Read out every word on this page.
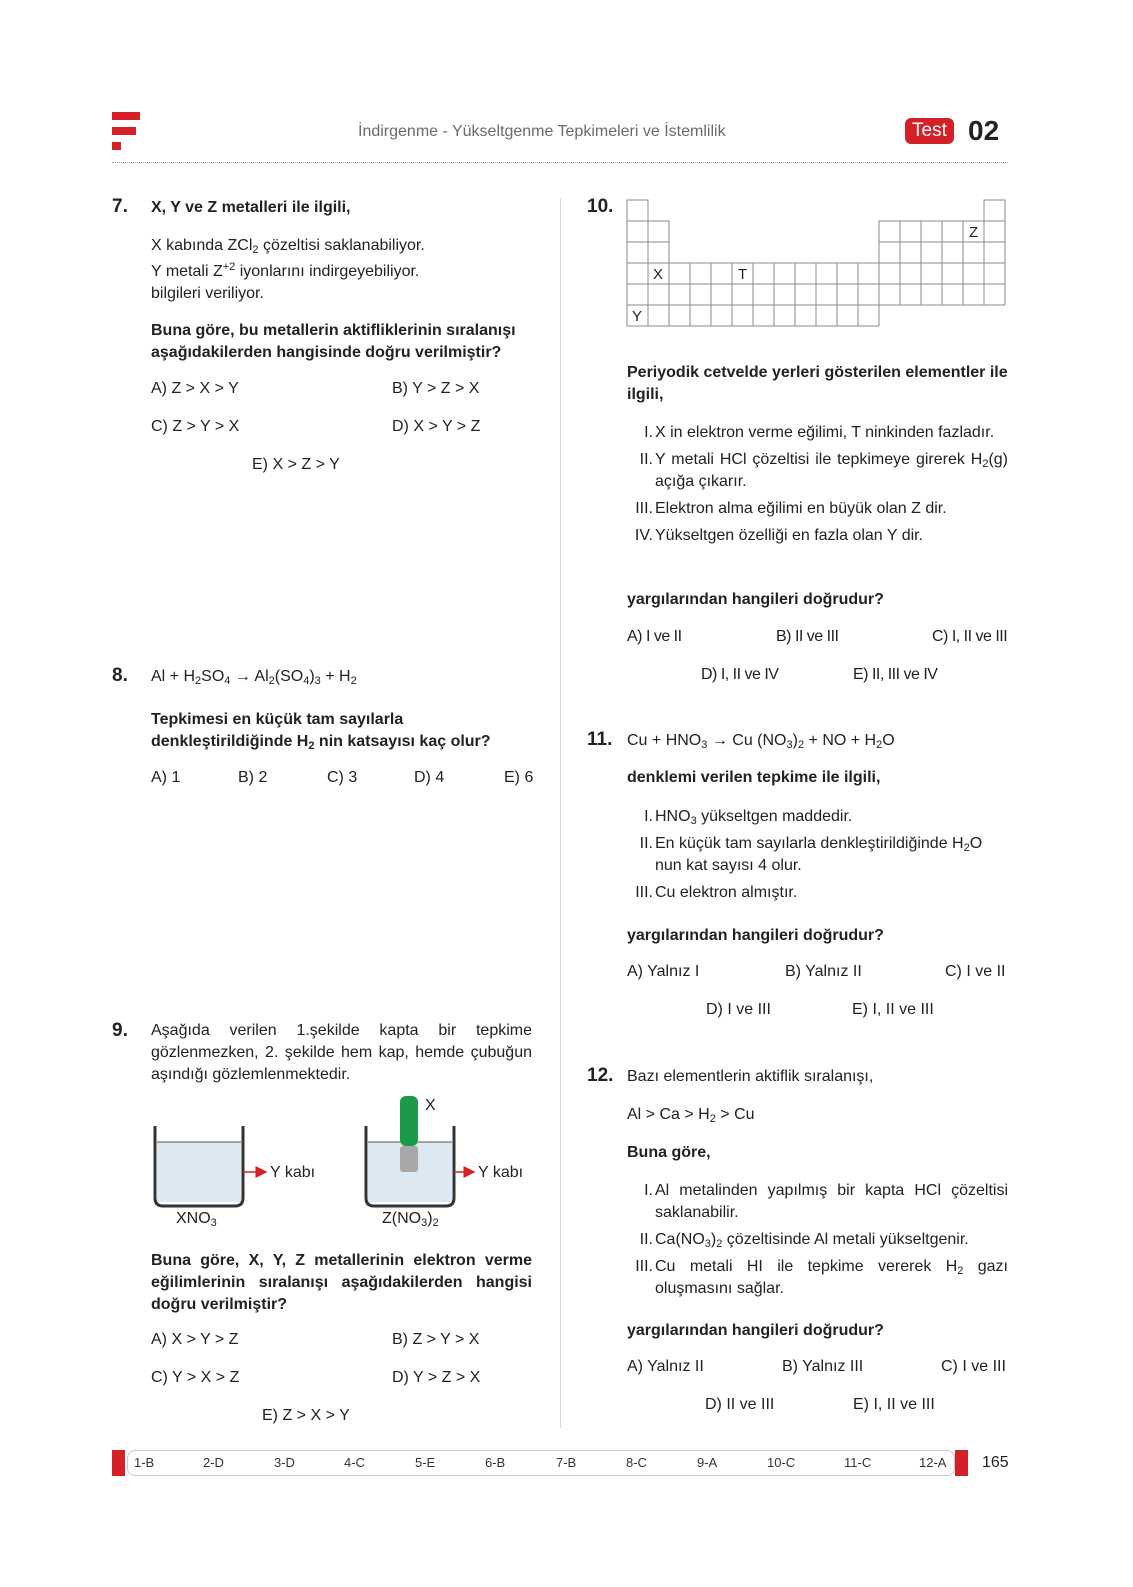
İndirgenme - Yükseltgenme Tepkimeleri ve İstemlilik	Test 02
7. X, Y ve Z metalleri ile ilgili,
X kabında ZCl$_2$ çözeltisi saklanabiliyor.
Y metali $Z^{+2}$ iyonlarını indirgeyebiliyor.
bilgileri veriliyor.
Buna göre, bu metallerin aktifliklerinin sıralanışı aşağıdakilerden hangisinde doğru verilmiştir?
A) Z > X > Y	B) Y > Z > X
C) Z > Y > X	D) X > Y > Z
E) X > Z > Y
8. $Al + H_2SO_4 \to Al_2(SO_4)_3 + H_2$
Tepkimesi en küçük tam sayılarla denkleştirildiğinde $H_2$ nin katsayısı kaç olur?
A) 1	B) 2	C) 3	D) 4	E) 6
9. Aşağıda verilen 1.şekilde kapta bir tepkime gözlenmezken, 2. şekilde hem kap, hemde çubuğun aşındığı gözlemlenmektedir.
X
Y kabı	Y kabı
$XNO_3$	$Z(NO_3)_2$
Buna göre, X, Y, Z metallerinin elektron verme eğilimlerinin sıralanışı aşağıdakilerden hangisi doğru verilmiştir?
A) X > Y > Z	B) Z > Y > X
C) Y > X > Z	D) Y > Z > X
E) Z > X > Y
10.
X	T
Y
Z
Periyodik cetvelde yerleri gösterilen elementler ile ilgili,
I. X in elektron verme eğilimi, T ninkinden fazladır.
II. Y metali HCl çözeltisi ile tepkimeye girerek $H_2(g)$ açığa çıkarır.
III. Elektron alma eğilimi en büyük olan Z dir.
IV. Yükseltgen özelliği en fazla olan Y dir.
yargılarından hangileri doğrudur?
A) I ve II	B) II ve III	C) I, II ve III
D) I, II ve IV	E) II, III ve IV
11. $Cu + HNO_3 \to Cu$ $(NO_3)_2$ + NO + $H_2O$
denklemi verilen tepkime ile ilgili,
I. $HNO_3$ yükseltgen maddedir.
II. En küçük tam sayılarla denkleştirildiğinde $H_2O$ nun kat sayısı 4 olur.
III. Cu elektron almıştır.
yargılarından hangileri doğrudur?
A) Yalnız I	B) Yalnız II	C) I ve II
D) I ve III	E) I, II ve III
12. Bazı elementlerin aktiflik sıralanışı,
$Al > Ca > H_2 > Cu$
Buna göre,
I. Al metalinden yapılmış bir kapta HCl çözeltisi saklanabilir.
II. $Ca(NO_3)_2$ çözeltisinde Al metali yükseltgenir.
III. Cu metali HI ile tepkime vererek $H_2$ gazı oluşmasını sağlar.
yargılarından hangileri doğrudur?
A) Yalnız II	B) Yalnız III	C) I ve III
D) II ve III	E) I, II ve III
1-B	2-D	3-D	4-C	5-E	6-B	7-B	8-C	9-A	10-C	11-C	12-A 165
